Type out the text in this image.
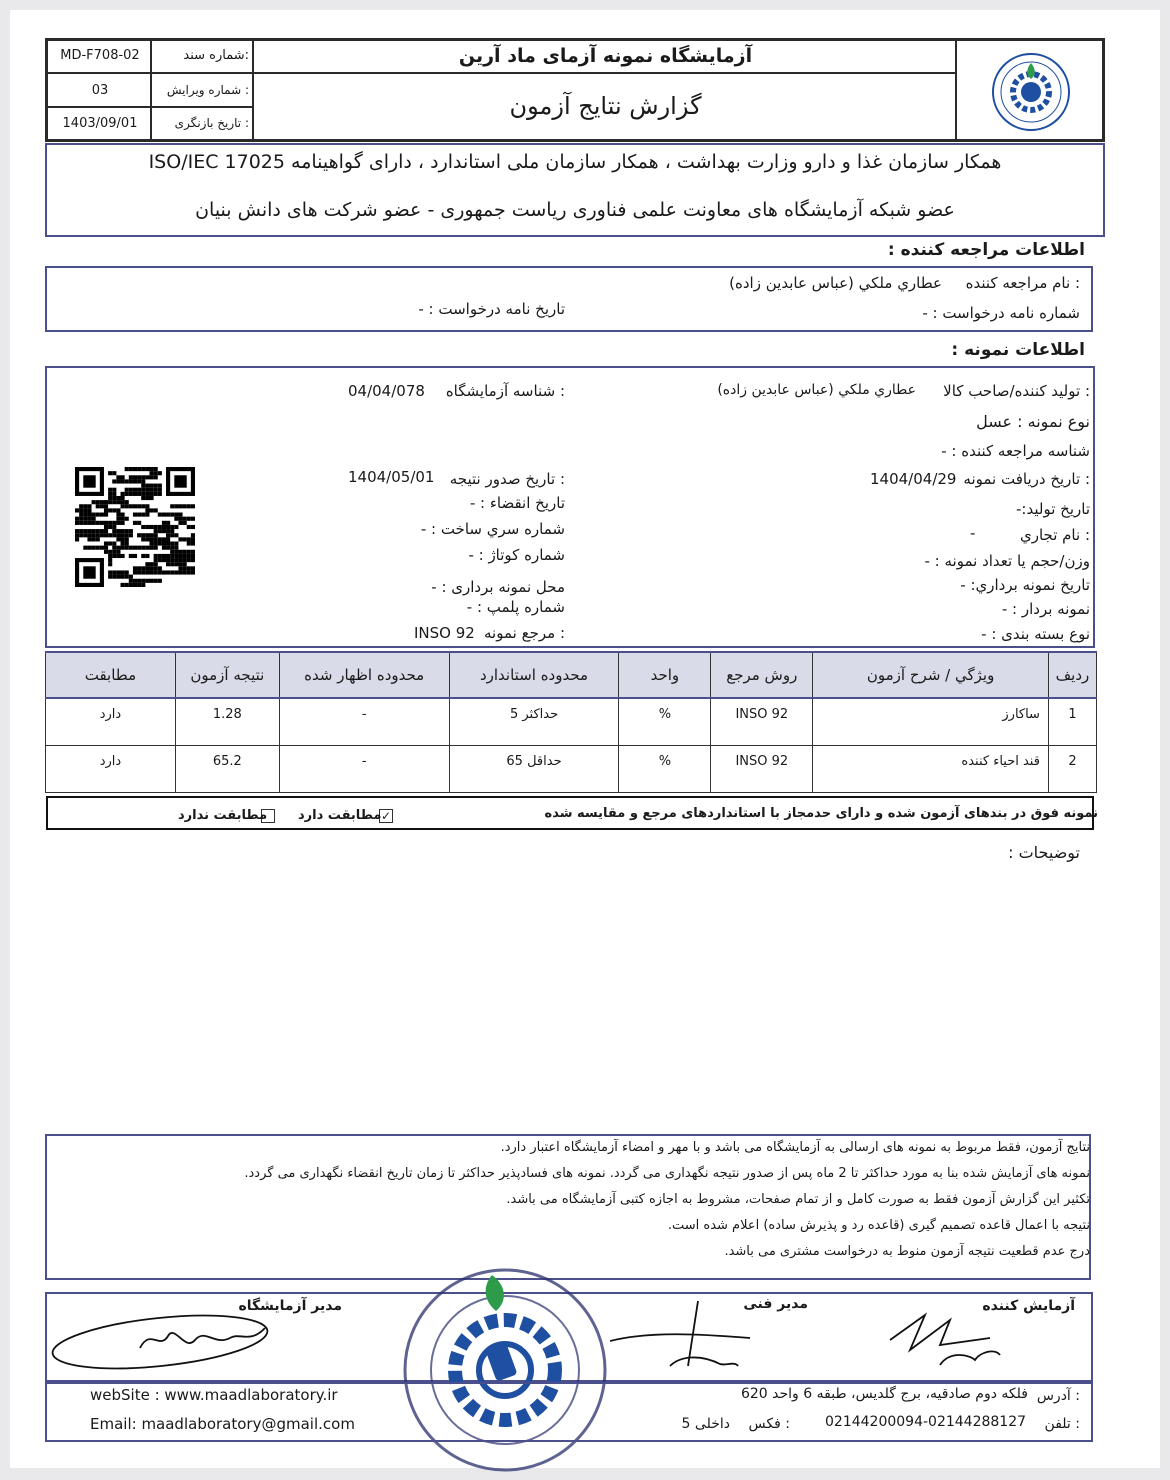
MD-F708-02	شماره سند:
03	شماره ویرایش :
1403/09/01	تاریخ بازنگری :
آزمایشگاه نمونه آزمای ماد آرین
گزارش نتایج آزمون
همکار سازمان غذا و دارو وزارت بهداشت ، همکار سازمان ملی استاندارد ، دارای گواهینامه ISO/IEC 17025
عضو شبکه آزمایشگاه های معاونت علمی فناوری ریاست جمهوری - عضو شرکت های دانش بنیان
اطلاعات مراجعه کننده :
نام مراجعه کننده :
عطاري ملكي (عباس عابدين زاده)
شماره نامه درخواست : -
تاریخ نامه درخواست : -
اطلاعات نمونه :
تولید کننده/صاحب کالا :
عطاري ملكي (عباس عابدين زاده)
شناسه آزمایشگاه :
04/04/078
نوع نمونه : عسل
شناسه مراجعه کننده : -
تاریخ دریافت نمونه :
1404/04/29
تاریخ صدور نتیجه :
1404/05/01
تاریخ تولید:-
تاریخ انقضاء : -
نام تجاري :
-
شماره سري ساخت : -
وزن/حجم یا تعداد نمونه : -
شماره کوتاژ : -
تاریخ نمونه برداري: -
محل نمونه برداری : -
نمونه بردار : -
شماره پلمپ : -
نوع بسته بندی : -
مرجع نمونه :
INSO 92
مطابقت	نتیجه آزمون	محدوده اظهار شده	محدوده استاندارد	واحد	روش مرجع	ويژگي / شرح آزمون	ردیف
دارد	1.28	-	حداکثر 5	%	INSO 92	ساکارز	1
دارد	65.2	-	حداقل 65	%	INSO 92	قند احیاء کننده	2
نمونه فوق در بندهای آزمون شده و دارای حدمجاز با استانداردهای مرجع و مقایسه شده
✓
مطابقت دارد
مطابقت ندارد
توضیحات :
نتایج آزمون، فقط مربوط به نمونه های ارسالی به آزمایشگاه می باشد و با مهر و امضاء آزمایشگاه اعتبار دارد.
نمونه های آزمایش شده بنا به مورد حداکثر تا 2 ماه پس از صدور نتیجه نگهداری می گردد. نمونه های فسادپذیر حداکثر تا زمان تاریخ انقضاء نگهداری می گردد.
تکثیر این گزارش آزمون فقط به صورت کامل و از تمام صفحات، مشروط به اجازه کتبی آزمایشگاه می باشد.
نتیجه با اعمال قاعده تصمیم گیری (قاعده رد و پذیرش ساده) اعلام شده است.
درج عدم قطعیت نتیجه آزمون منوط به درخواست مشتری می باشد.
آزمایش کننده
مدیر فنی
مدیر آزمایشگاه
آدرس :
فلکه دوم صادقیه، برج گلدیس، طبقه 6 واحد 620
تلفن :
02144200094-02144288127
فکس :
داخلی 5
webSite : www.maadlaboratory.ir
Email: maadlaboratory@gmail.com
